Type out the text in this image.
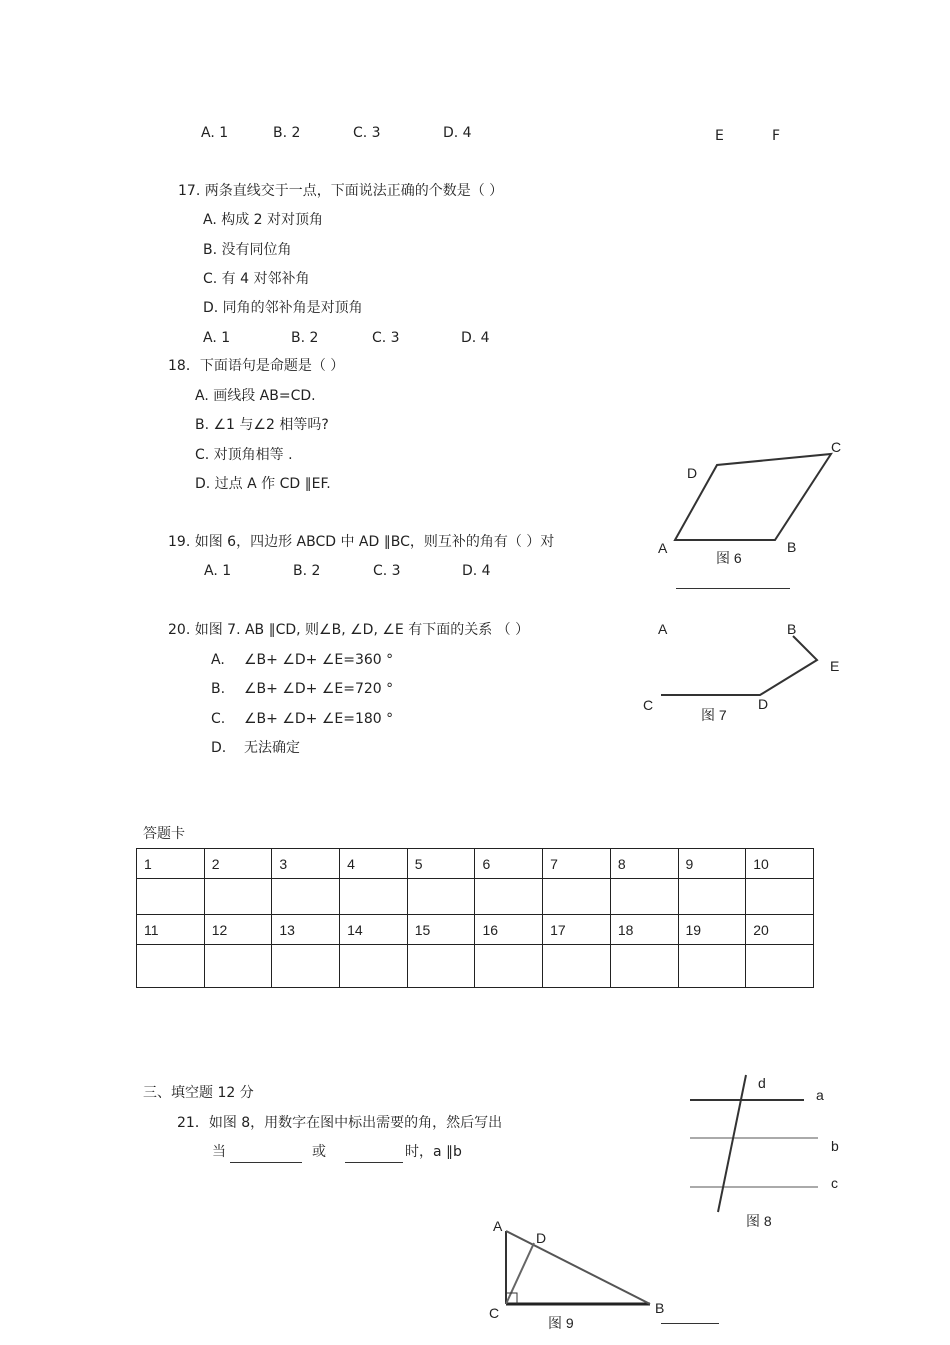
A. 1	B. 2	C. 3	D. 4	E	F
17. 两条直线交于一点，下面说法正确的个数是（ ）
A. 构成 2 对对顶角
B. 没有同位角
C. 有 4 对邻补角
D. 同角的邻补角是对顶角
A. 1	B. 2	C. 3	D. 4
18．下面语句是命题是（ ）
A. 画线段 AB=CD.
B. ∠1 与∠2 相等吗?
C. 对顶角相等 .
D. 过点 A 作 CD ∥EF.
19. 如图 6，四边形 ABCD 中 AD ∥BC，则互补的角有（ ）对
A. 1	B. 2	C. 3	D. 4
20. 如图 7. AB ∥CD, 则∠B, ∠D, ∠E 有下面的关系 （ ）
A. ∠B+ ∠D+ ∠E=360 °
B. ∠B+ ∠D+ ∠E=720 °
C. ∠B+ ∠D+ ∠E=180 °
D. 无法确定
答题卡
1	2	3	4	5	6	7	8	9	10

11	12	13	14	15	16	17	18	19	20

三、填空题 12 分
21．如图 8，用数字在图中标出需要的角，然后写出
当	或	时，a ∥b
A	B
C
D
图 6
A	B
C	D
E
图 7
d
a
b
c
图 8
A
B
C
D
图 9
